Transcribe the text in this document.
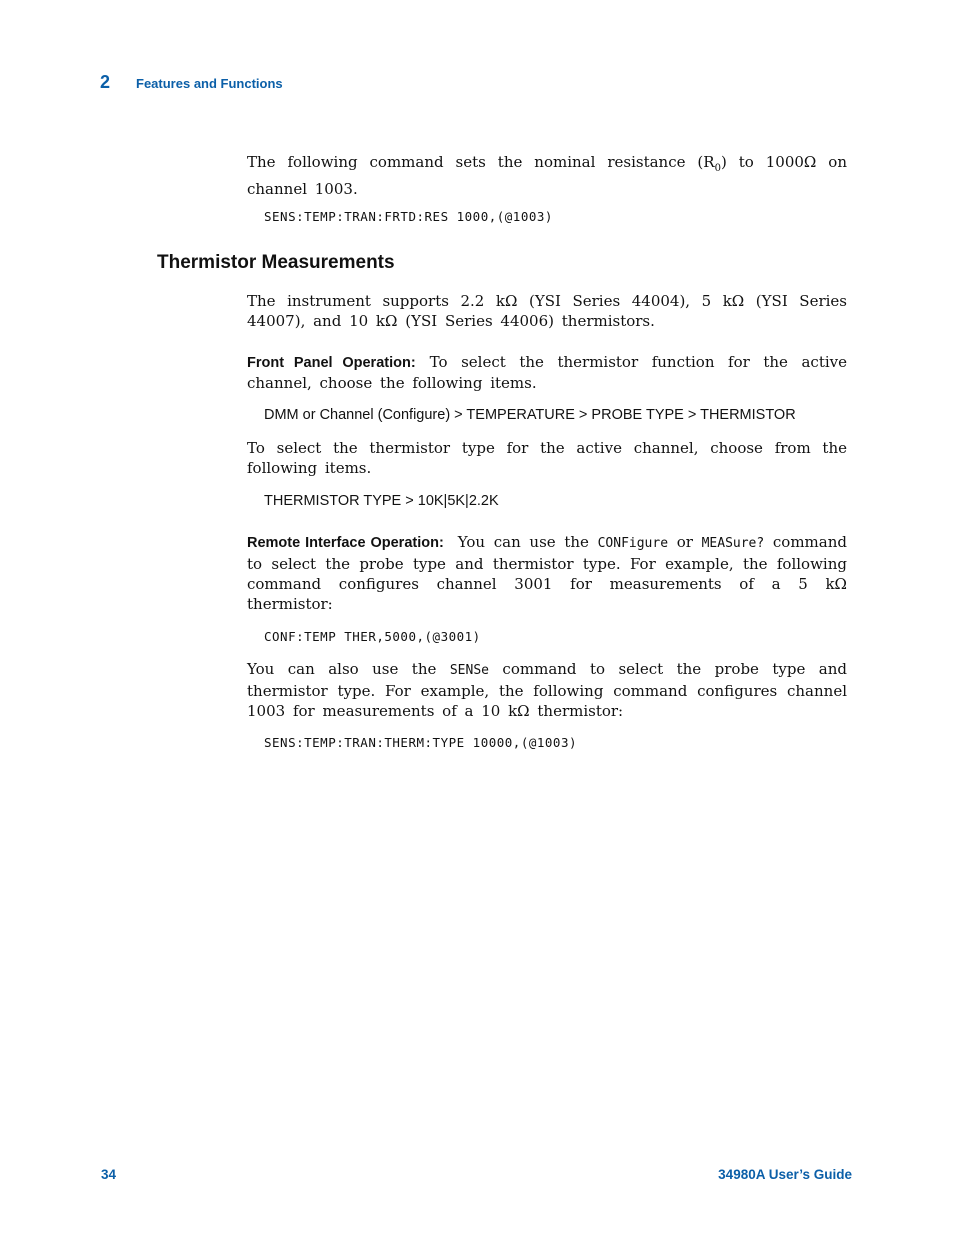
2 Features and Functions

The following command sets the nominal resistance $(R_0)$ to 1000Ω on channel 1003.

SENS:TEMP:TRAN:FRTD:RES 1000,(@1003)

Thermistor Measurements

The instrument supports 2.2 kΩ (YSI Series 44004), 5 kΩ (YSI Series 44007), and 10 kΩ (YSI Series 44006) thermistors.

Front Panel Operation: To select the thermistor function for the active channel, choose the following items.

DMM or Channel (Configure) > TEMPERATURE > PROBE TYPE > THERMISTOR

To select the thermistor type for the active channel, choose from the following items.

THERMISTOR TYPE > 10K|5K|2.2K

Remote Interface Operation: You can use the CONFigure or MEASure? command to select the probe type and thermistor type. For example, the following command configures channel 3001 for measurements of a 5 kΩ thermistor:

CONF:TEMP THER,5000,(@3001)

You can also use the SENSe command to select the probe type and thermistor type. For example, the following command configures channel 1003 for measurements of a 10 kΩ thermistor:

SENS:TEMP:TRAN:THERM:TYPE 10000,(@1003)

34	34980A User’s Guide
